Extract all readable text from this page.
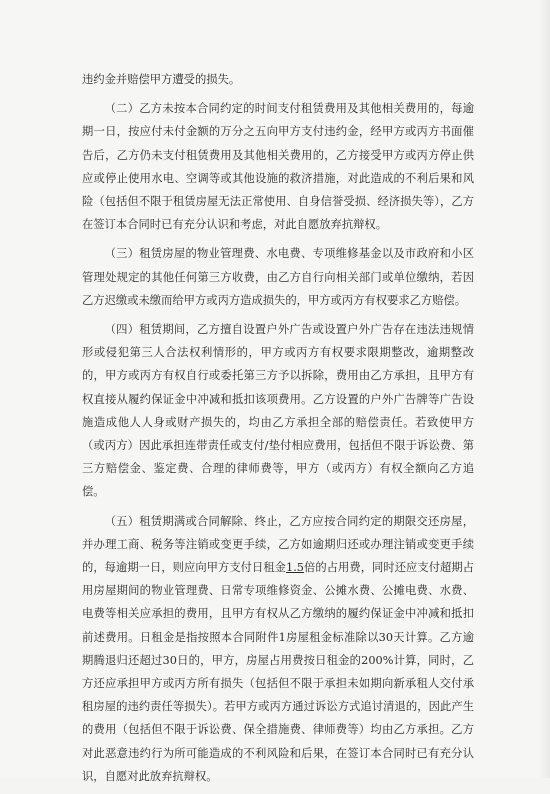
违约金并赔偿甲方遭受的损失。

（二）乙方未按本合同约定的时间支付租赁费用及其他相关费用的，每逾期一日，按应付未付金额的万分之五向甲方支付违约金，经甲方或丙方书面催告后，乙方仍未支付租赁费用及其他相关费用的，乙方接受甲方或丙方停止供应或停止使用水电、空调等或其他设施的救济措施，对此造成的不利后果和风险（包括但不限于租赁房屋无法正常使用、自身信誉受损、经济损失等），乙方在签订本合同时已有充分认识和考虑，对此自愿放弃抗辩权。

（三）租赁房屋的物业管理费、水电费、专项维修基金以及市政府和小区管理处规定的其他任何第三方收费，由乙方自行向相关部门或单位缴纳，若因乙方迟缴或未缴而给甲方或丙方造成损失的，甲方或丙方有权要求乙方赔偿。

（四）租赁期间，乙方擅自设置户外广告或设置户外广告存在违法违规情形或侵犯第三人合法权利情形的，甲方或丙方有权要求限期整改，逾期整改的，甲方或丙方有权自行或委托第三方予以拆除，费用由乙方承担，且甲方有权直接从履约保证金中冲减和抵扣该项费用。乙方设置的户外广告牌等广告设施造成他人人身或财产损失的，均由乙方承担全部的赔偿责任。若致使甲方（或丙方）因此承担连带责任或支付/垫付相应费用，包括但不限于诉讼费、第三方赔偿金、鉴定费、合理的律师费等，甲方（或丙方）有权全额向乙方追偿。

（五）租赁期满或合同解除、终止，乙方应按合同约定的期限交还房屋，并办理工商、税务等注销或变更手续，乙方如逾期归还或办理注销或变更手续的，每逾期一日，则应向甲方支付日租金1.5倍的占用费，同时还应支付超期占用房屋期间的物业管理费、日常专项维修资金、公摊水费、公摊电费、水费、电费等相关应承担的费用，且甲方有权从乙方缴纳的履约保证金中冲减和抵扣前述费用。日租金是指按照本合同附件1房屋租金标准除以30天计算。乙方逾期腾退归还超过30日的，甲方，房屋占用费按日租金的200%计算，同时，乙方还应承担甲方或丙方所有损失（包括但不限于承担未如期向新承租人交付承租房屋的违约责任等损失）。若甲方或丙方通过诉讼方式追讨清退的，因此产生的费用（包括但不限于诉讼费、保全措施费、律师费等）均由乙方承担。乙方对此恶意违约行为所可能造成的不利风险和后果，在签订本合同时已有充分认识，自愿对此放弃抗辩权。
